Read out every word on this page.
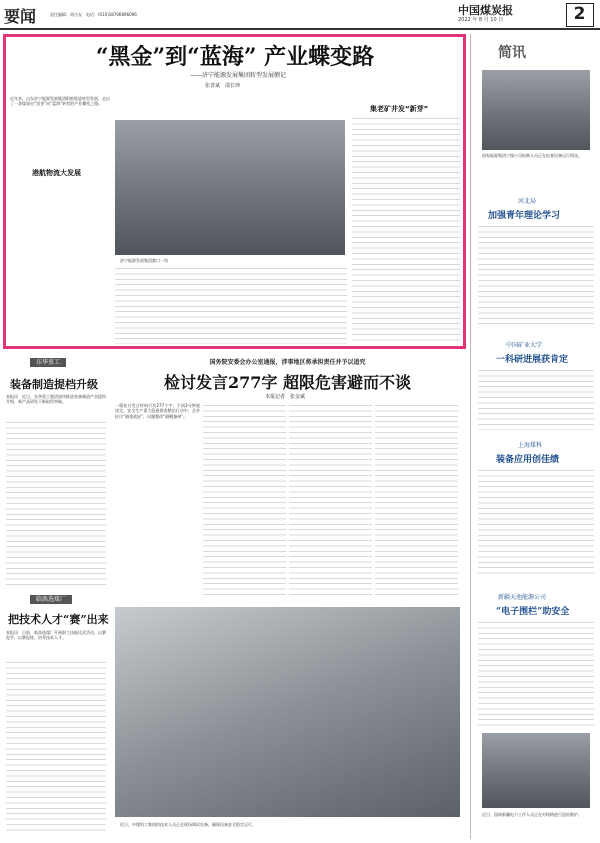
要闻	责任编辑：胡吉友　电话：(010)18706896096	中国煤炭报
2022 年 8 月 10 日	2
“黑金”到“蓝海” 产业蝶变路
——济宁能源发展集团转型发展侧记
张善斌　邵长坤

近年来，山东济宁能源发展集团积极推进转型发展，走出了一条煤炭由“黑金”向“蓝海”转型的产业蝶变之路。

港航物流大发展
济宁能源发展集团港口一角
集老矿井发“新芽”
国务院安委会办公室通报，涉事地区将承担责任并予以追究
检讨发言277字 超限危害避而不谈
本报记者　张金斌

一篇检讨发言材料只有277个字，不到3分钟就读完。安全生产重大隐患排查整治行动中，企业检讨“避重就轻”，问题整改“隔靴搔痒”。

东华重工
装备制造提档升级

本报讯　近日，东华重工集团加快推进装备制造产业提档升级，新产品研发不断取得突破。

临涣选煤厂
把技术人才“赛”出来

本报讯　日前，临涣选煤厂开展职工技能比武活动，以赛促学、以赛促练，培养技术人才。

近日，中煤科工集团的技术人员正在现场调试设备，确保设备安全稳定运行。
简讯
国家能源集团宁煤公司检修人员正在检查设备运行情况。
河北局
加强青年理论学习
中国矿业大学
一科研进展获肯定
上海煤科
装备应用创佳绩
新疆天池能源公司
“电子围栏”助安全
近日，国网新疆电力工作人员正在对线路进行巡检维护。
